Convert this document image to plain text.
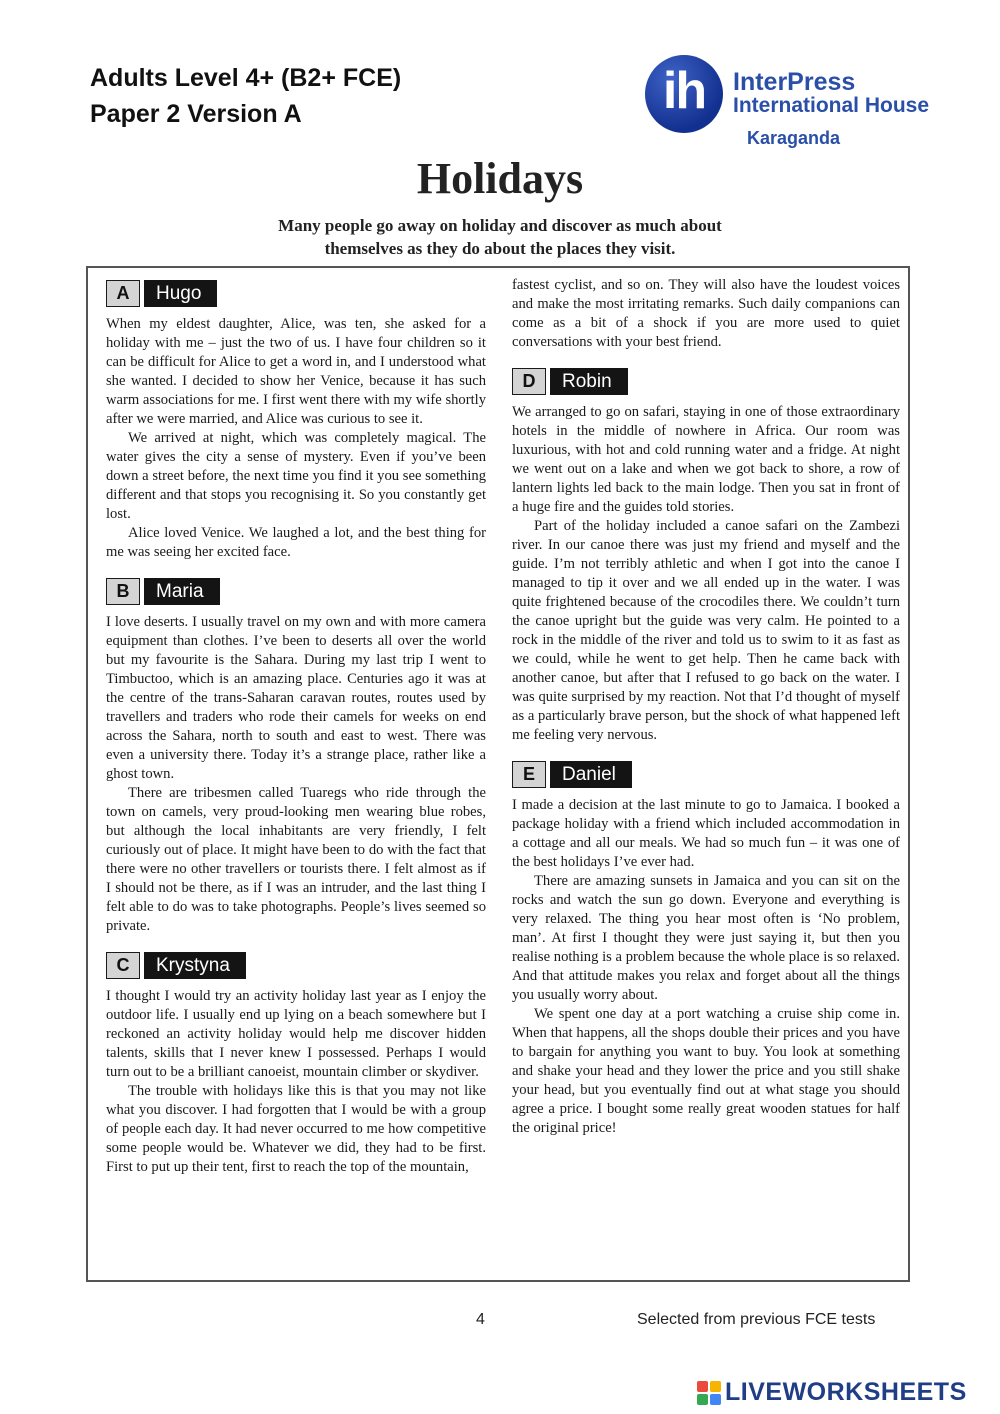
Adults Level 4+ (B2+ FCE)
Paper 2 Version A	ih	InterPress
International House
Karaganda
Holidays
Many people go away on holiday and discover as much about
themselves as they do about the places they visit.
A	Hugo

When my eldest daughter, Alice, was ten, she asked for a holiday with me – just the two of us. I have four children so it can be difficult for Alice to get a word in, and I understood what she wanted. I decided to show her Venice, because it has such warm associations for me. I first went there with my wife shortly after we were married, and Alice was curious to see it.

We arrived at night, which was completely magical. The water gives the city a sense of mystery. Even if you’ve been down a street before, the next time you find it you see something different and that stops you recognising it. So you constantly get lost.

Alice loved Venice. We laughed a lot, and the best thing for me was seeing her excited face.

B	Maria

I love deserts. I usually travel on my own and with more camera equipment than clothes. I’ve been to deserts all over the world but my favourite is the Sahara. During my last trip I went to Timbuctoo, which is an amazing place. Centuries ago it was at the centre of the trans-Saharan caravan routes, routes used by travellers and traders who rode their camels for weeks on end across the Sahara, north to south and east to west. There was even a university there. Today it’s a strange place, rather like a ghost town.

There are tribesmen called Tuaregs who ride through the town on camels, very proud-looking men wearing blue robes, but although the local inhabitants are very friendly, I felt curiously out of place. It might have been to do with the fact that there were no other travellers or tourists there. I felt almost as if I should not be there, as if I was an intruder, and the last thing I felt able to do was to take photographs. People’s lives seemed so private.

C	Krystyna

I thought I would try an activity holiday last year as I enjoy the outdoor life. I usually end up lying on a beach somewhere but I reckoned an activity holiday would help me discover hidden talents, skills that I never knew I possessed. Perhaps I would turn out to be a brilliant canoeist, mountain climber or skydiver.

The trouble with holidays like this is that you may not like what you discover. I had forgotten that I would be with a group of people each day. It had never occurred to me how competitive some people would be. Whatever we did, they had to be first. First to put up their tent, first to reach the top of the mountain,

fastest cyclist, and so on. They will also have the loudest voices and make the most irritating remarks. Such daily companions can come as a bit of a shock if you are more used to quiet conversations with your best friend.

D	Robin

We arranged to go on safari, staying in one of those extraordinary hotels in the middle of nowhere in Africa. Our room was luxurious, with hot and cold running water and a fridge. At night we went out on a lake and when we got back to shore, a row of lantern lights led back to the main lodge. Then you sat in front of a huge fire and the guides told stories.

Part of the holiday included a canoe safari on the Zambezi river. In our canoe there was just my friend and myself and the guide. I’m not terribly athletic and when I got into the canoe I managed to tip it over and we all ended up in the water. I was quite frightened because of the crocodiles there. We couldn’t turn the canoe upright but the guide was very calm. He pointed to a rock in the middle of the river and told us to swim to it as fast as we could, while he went to get help. Then he came back with another canoe, but after that I refused to go back on the water. I was quite surprised by my reaction. Not that I’d thought of myself as a particularly brave person, but the shock of what happened left me feeling very nervous.

E	Daniel

I made a decision at the last minute to go to Jamaica. I booked a package holiday with a friend which included accommodation in a cottage and all our meals. We had so much fun – it was one of the best holidays I’ve ever had.

There are amazing sunsets in Jamaica and you can sit on the rocks and watch the sun go down. Everyone and everything is very relaxed. The thing you hear most often is ‘No problem, man’. At first I thought they were just saying it, but then you realise nothing is a problem because the whole place is so relaxed. And that attitude makes you relax and forget about all the things you usually worry about.

We spent one day at a port watching a cruise ship come in. When that happens, all the shops double their prices and you have to bargain for anything you want to buy. You look at something and shake your head and they lower the price and you still shake your head, but you eventually find out at what stage you should agree a price. I bought some really great wooden statues for half the original price!

4	Selected from previous FCE tests
LIVEWORKSHEETS
